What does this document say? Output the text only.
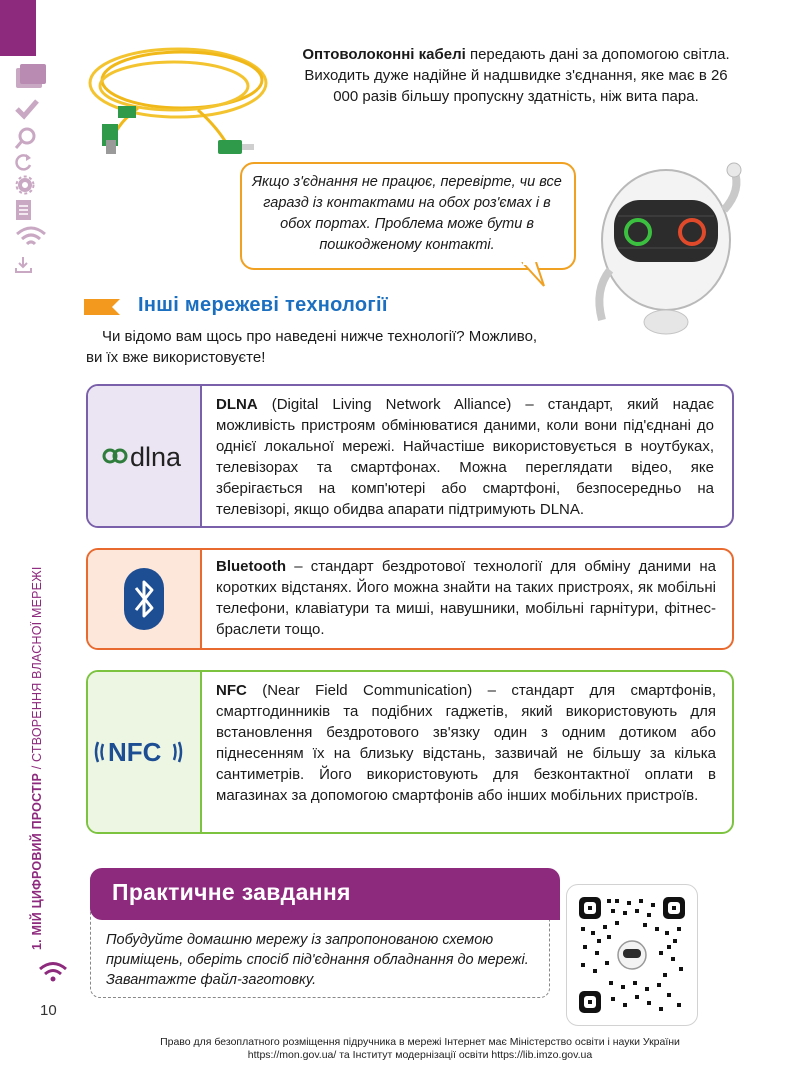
1. МІЙ ЦИФРОВИЙ ПРОСТІР / СТВОРЕННЯ ВЛАСНОЇ МЕРЕЖІ
10
Оптоволоконні кабелі передають дані за допомогою світла. Виходить дуже надійне й надшвидке з'єднання, яке має в 26 000 разів більшу пропускну здатність, ніж вита пара.
Якщо з'єднання не працює, перевірте, чи все гаразд із контактами на обох роз'ємах і в обох портах. Проблема може бути в пошкодженому контакті.
Інші мережеві технології
Чи відомо вам щось про наведені нижче технології? Можливо, ви їх вже використовуєте!
dlna
DLNA (Digital Living Network Alliance) – стандарт, який надає можливість пристроям обмінюватися даними, коли вони під'єднані до однієї локальної мережі. Найчастіше використовується в ноутбуках, телевізорах та смартфонах. Можна переглядати відео, яке зберігається на комп'ютері або смартфоні, безпосередньо на телевізорі, якщо обидва апарати підтримують DLNA.
Bluetooth – стандарт бездротової технології для обміну даними на коротких відстанях. Його можна знайти на таких пристроях, як мобільні телефони, клавіатури та миші, навушники, мобільні гарнітури, фітнес-браслети тощо.
NFC
NFC (Near Field Communication) – стандарт для смартфонів, смартгодинників та подібних гаджетів, який використовують для встановлення бездротового зв'язку один з одним дотиком або піднесенням їх на близьку відстань, зазвичай не більшу за кілька сантиметрів. Його використовують для безконтактної оплати в магазинах за допомогою смартфонів або інших мобільних пристроїв.
Практичне завдання
Побудуйте домашню мережу із запропонованою схемою приміщень, оберіть спосіб під'єднання обладнання до мережі. Завантажте файл-заготовку.
Право для безоплатного розміщення підручника в мережі Інтернет має Міністерство освіти і науки України
https://mon.gov.ua/ та Інститут модернізації освіти https://lib.imzo.gov.ua
